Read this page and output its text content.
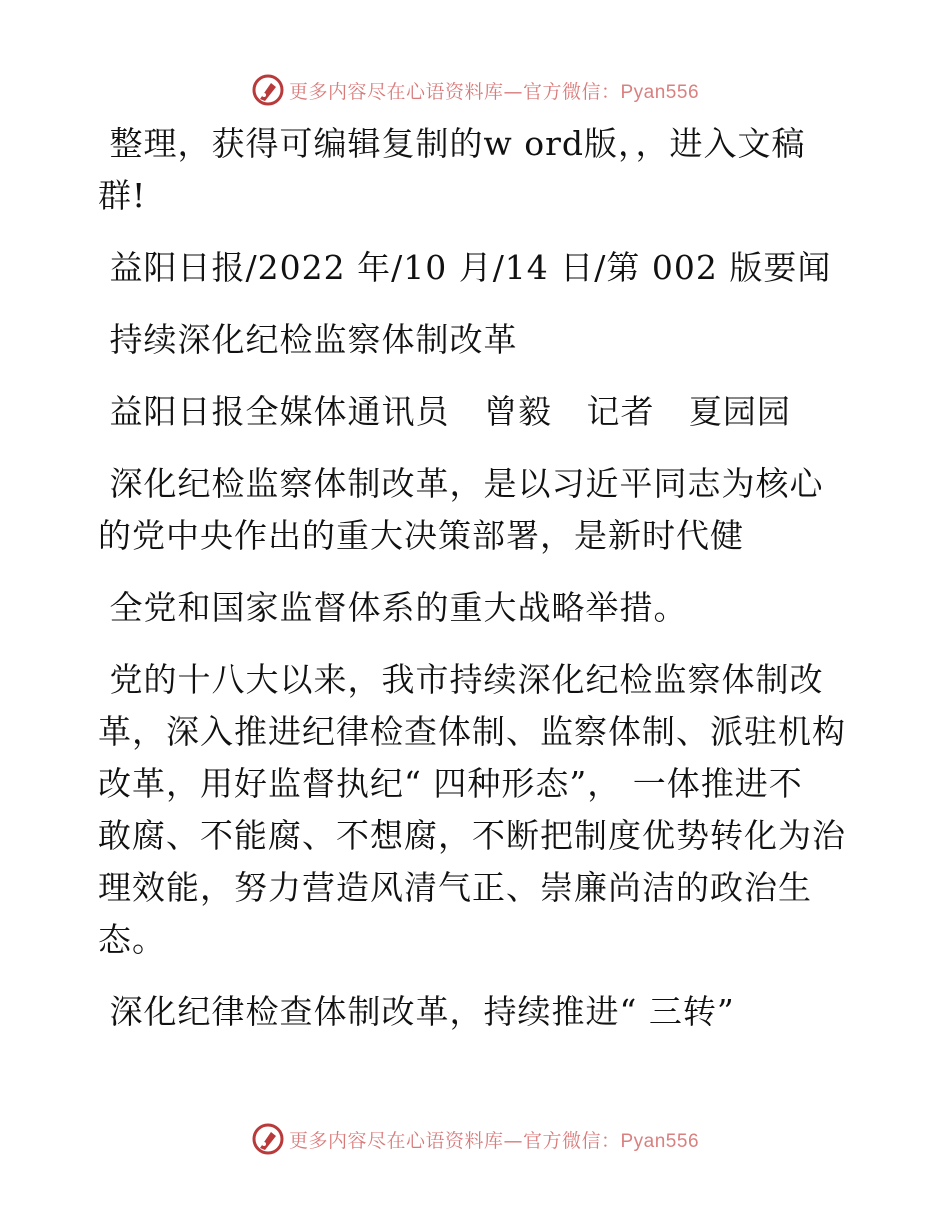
更多内容尽在心语资料库—官方微信：Pyan556
整理，获得可编辑复制的w ord版，，进入文稿
群!
益阳日报/2022 年/10 月/14 日/第 002 版要闻
持续深化纪检监察体制改革
益阳日报全媒体通讯员   曾毅   记者   夏园园
深化纪检监察体制改革，是以习近平同志为核心
的党中央作出的重大决策部署，是新时代健
全党和国家监督体系的重大战略举措。
党的十八大以来，我市持续深化纪检监察体制改
革，深入推进纪律检查体制、监察体制、派驻机构
改革，用好监督执纪“ 四种形态”， 一体推进不
敢腐、不能腐、不想腐，不断把制度优势转化为治
理效能，努力营造风清气正、崇廉尚洁的政治生
态。
深化纪律检查体制改革，持续推进“ 三转”
更多内容尽在心语资料库—官方微信：Pyan556
